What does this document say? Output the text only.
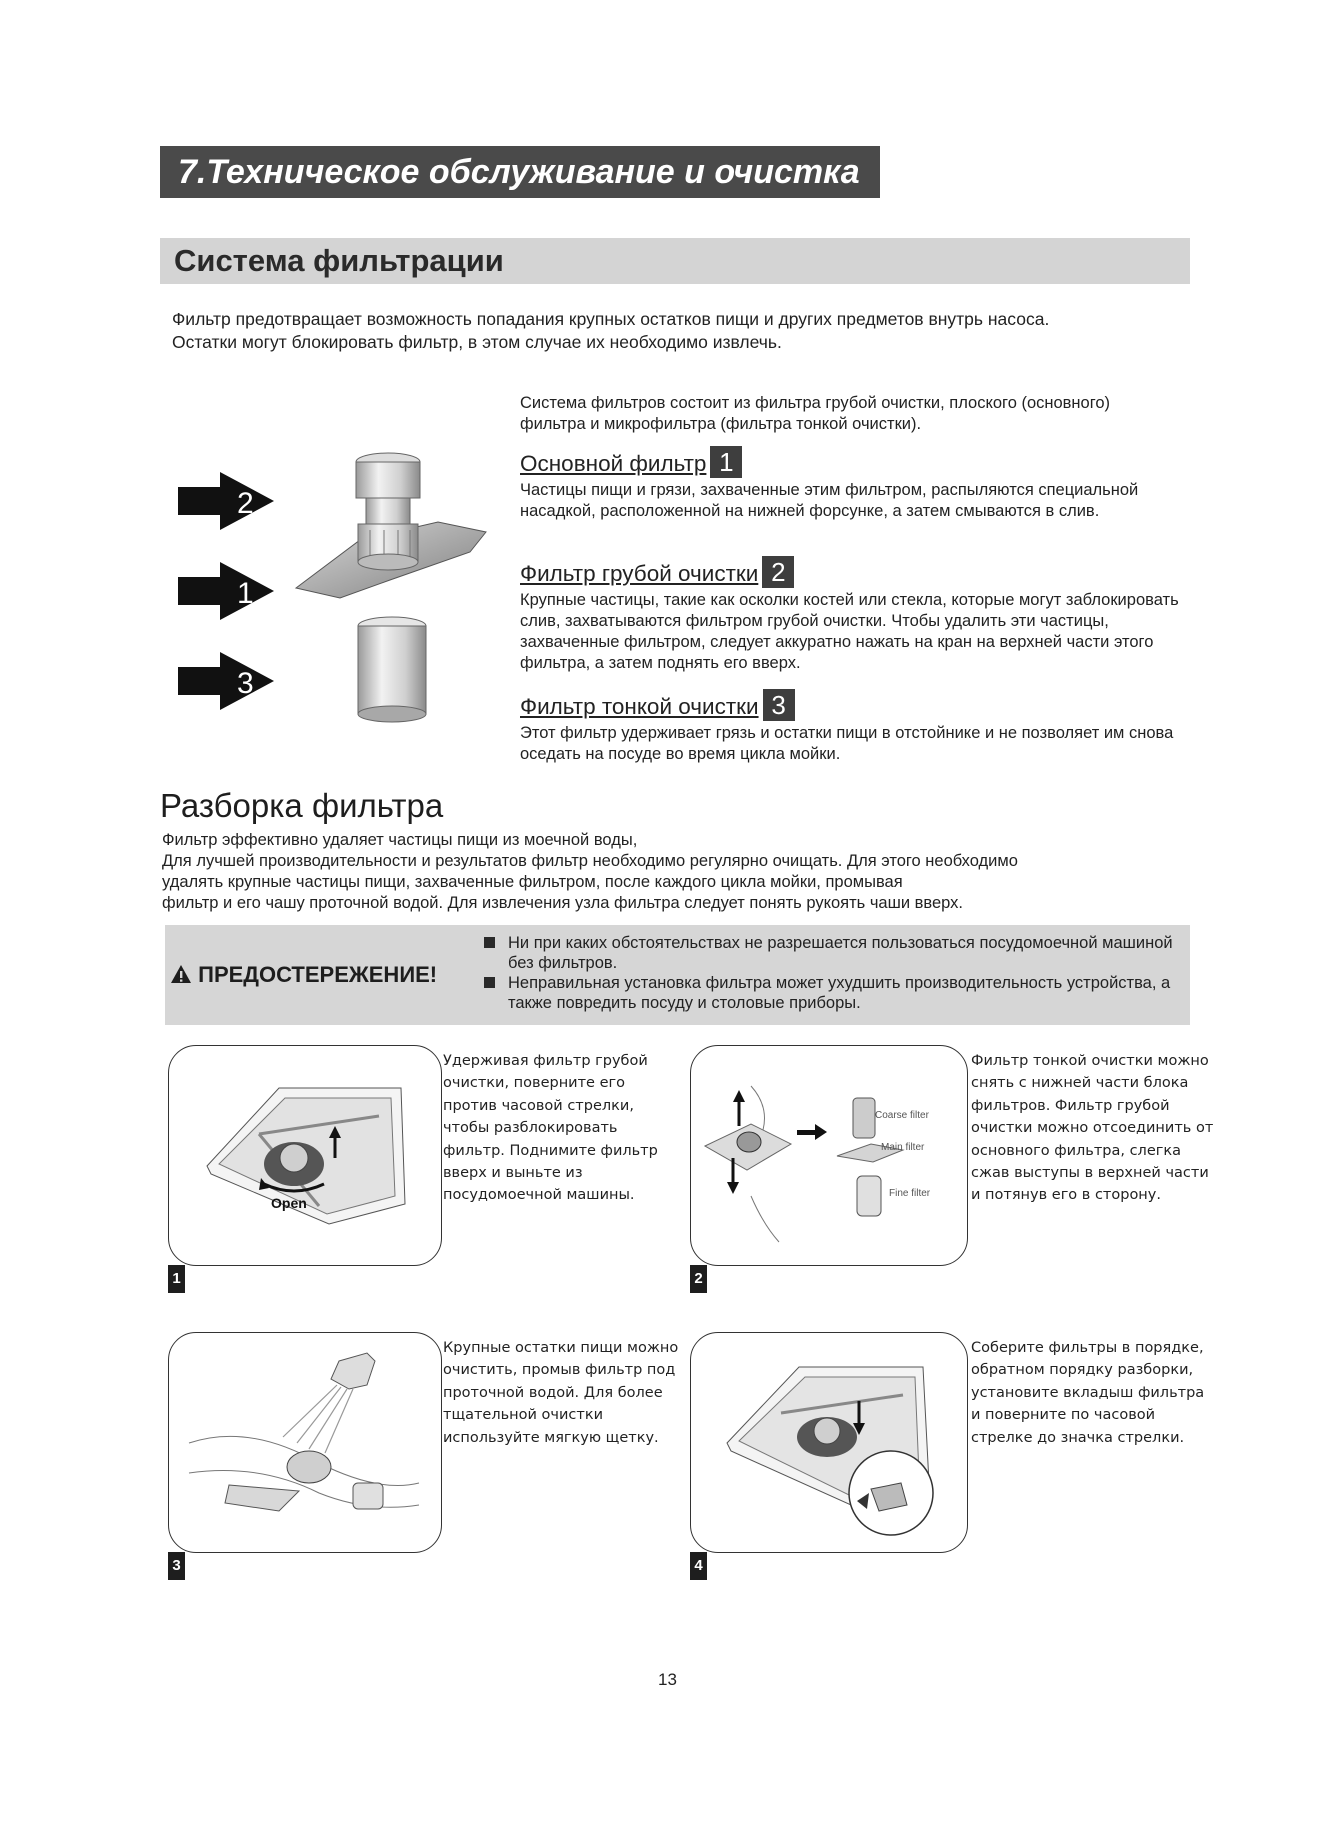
7.Техническое обслуживание и очистка
Система фильтрации

Фильтр предотвращает возможность попадания крупных остатков пищи и других предметов внутрь насоса.

Остатки могут блокировать фильтр, в этом случае их необходимо извлечь.

2
1
3
Система фильтров состоит из фильтра грубой очистки, плоского (основного) фильтра и микрофильтра (фильтра тонкой очистки).
Основной фильтр 1
Частицы пищи и грязи, захваченные этим фильтром, распыляются специальной насадкой, расположенной на нижней форсунке, а затем смываются в слив.
Фильтр грубой очистки 2
Крупные частицы, такие как осколки костей или стекла, которые могут заблокировать слив, захватываются фильтром грубой очистки. Чтобы удалить эти частицы, захваченные фильтром, следует аккуратно нажать на кран на верхней части этого фильтра, а затем поднять его вверх.
Фильтр тонкой очистки 3
Этот фильтр удерживает грязь и остатки пищи в отстойнике и не позволяет им снова оседать на посуде во время цикла мойки.
Разборка фильтра

Фильтр эффективно удаляет частицы пищи из моечной воды,

Для лучшей производительности и результатов фильтр необходимо регулярно очищать. Для этого необходимо

удалять крупные частицы пищи, захваченные фильтром, после каждого цикла мойки, промывая

фильтр и его чашу проточной водой. Для извлечения узла фильтра следует понять рукоять чаши вверх.

ПРЕДОСТЕРЕЖЕНИЕ!
Ни при каких обстоятельствах не разрешается пользоваться посудомоечной машиной без фильтров.
Неправильная установка фильтра может ухудшить производительность устройства, а также повредить посуду и столовые приборы.
Open
1
Удерживая фильтр грубой очистки, поверните его против часовой стрелки, чтобы разблокировать фильтр. Поднимите фильтр вверх и выньте из посудомоечной машины.
Coarse filter
Main filter
Fine filter
2
Фильтр тонкой очистки можно снять с нижней части блока фильтров. Фильтр грубой очистки можно отсоединить от основного фильтра, слегка сжав выступы в верхней части и потянув его в сторону.
3
Крупные остатки пищи можно очистить, промыв фильтр под проточной водой. Для более тщательной очистки используйте мягкую щетку.
4
Соберите фильтры в порядке, обратном порядку разборки, установите вкладыш фильтра и поверните по часовой стрелке до значка стрелки.
13
